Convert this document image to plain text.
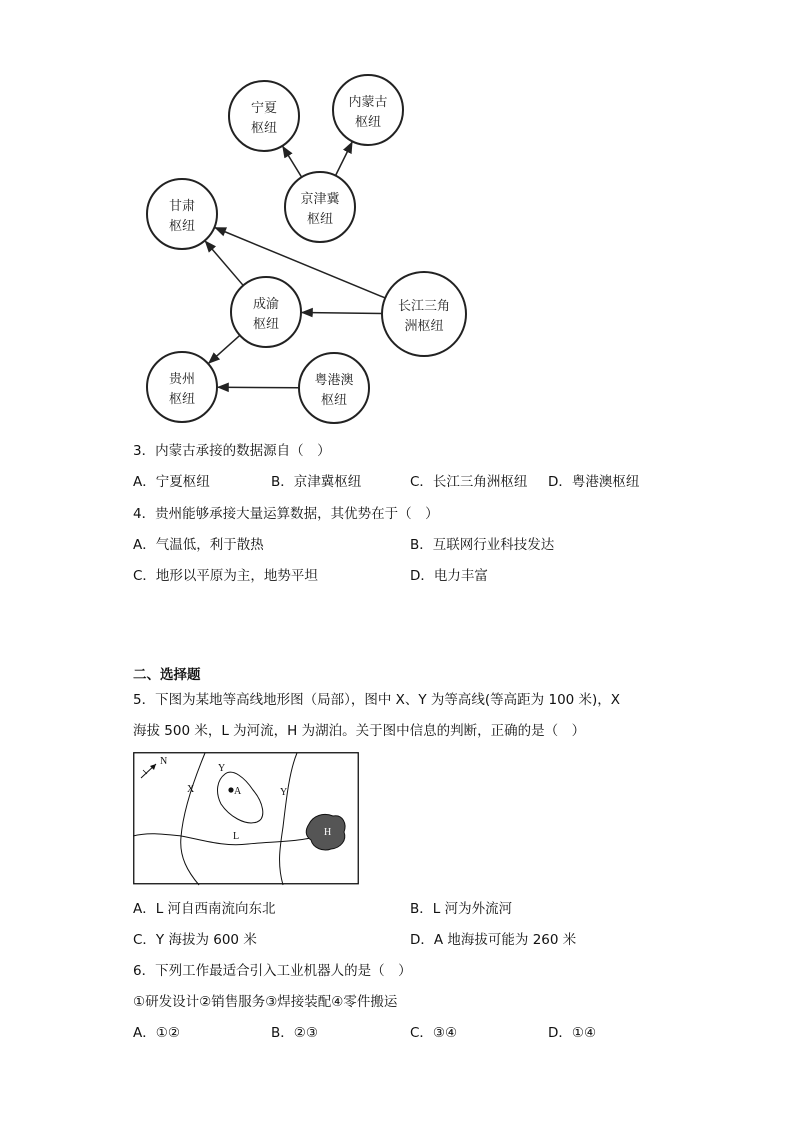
宁夏
枢纽
内蒙古
枢纽
京津冀
枢纽
甘肃
枢纽
成渝
枢纽
长江三角
洲枢纽
贵州
枢纽
粤港澳
枢纽
3．内蒙古承接的数据源自（　）
A．宁夏枢纽	B．京津冀枢纽	C．长江三角洲枢纽 D．粤港澳枢纽
4．贵州能够承接大量运算数据，其优势在于（　）
A．气温低，利于散热	B．互联网行业科技发达
C．地形以平原为主，地势平坦	D．电力丰富
二、选择题
5．下图为某地等高线地形图（局部），图中 X、Y 为等高线(等高距为 100 米)，X
海拔 500 米，L 为河流，H 为湖泊。关于图中信息的判断，正确的是（　）
N
A
X
Y
Y
L	H
A．L 河自西南流向东北	B．L 河为外流河
C．Y 海拔为 600 米	D．A 地海拔可能为 260 米
6．下列工作最适合引入工业机器人的是（　）
①研发设计②销售服务③焊接装配④零件搬运
A．①②	B．②③	C．③④	D．①④
